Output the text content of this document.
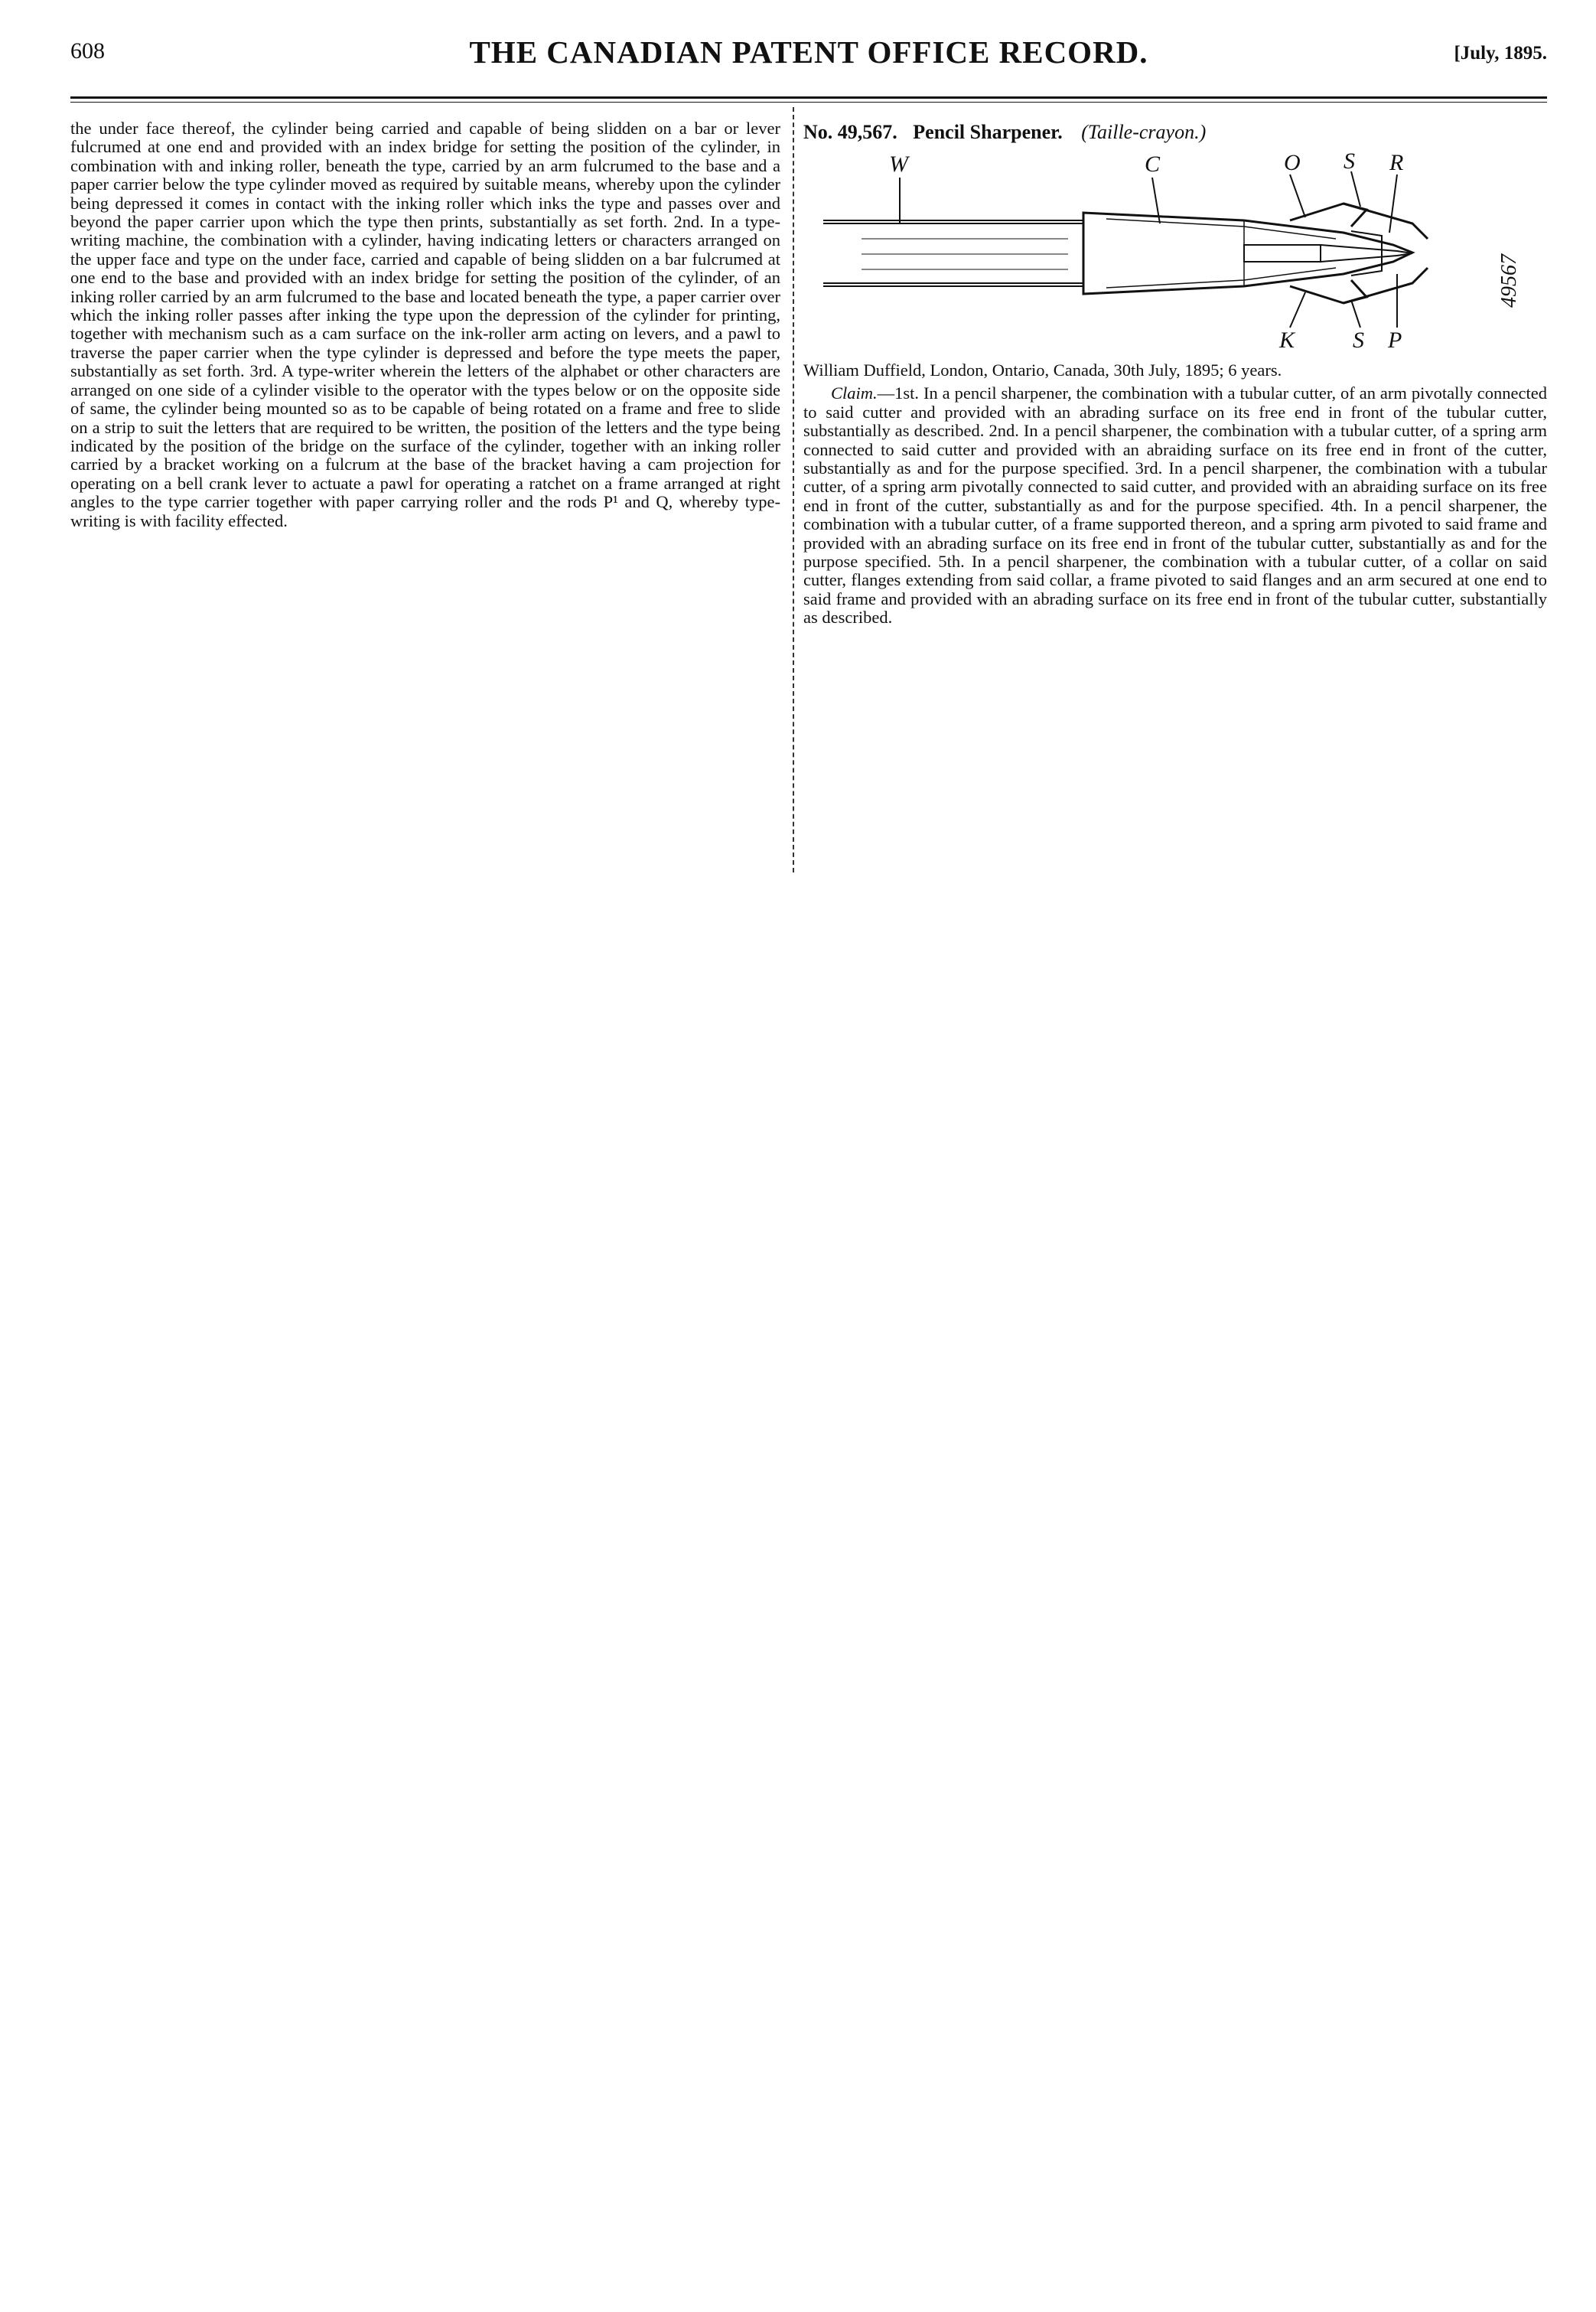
608	THE CANADIAN PATENT OFFICE RECORD.	[July, 1895.
the under face thereof, the cylinder being carried and capable of being slidden on a bar or lever fulcrumed at one end and provided with an index bridge for setting the position of the cylinder, in combination with and inking roller, beneath the type, carried by an arm fulcrumed to the base and a paper carrier below the type cylinder moved as required by suitable means, whereby upon the cylinder being depressed it comes in contact with the inking roller which inks the type and passes over and beyond the paper carrier upon which the type then prints, substantially as set forth. 2nd. In a type-writing machine, the combination with a cylinder, having indicating letters or characters arranged on the upper face and type on the under face, carried and capable of being slidden on a bar fulcrumed at one end to the base and provided with an index bridge for setting the position of the cylinder, of an inking roller carried by an arm fulcrumed to the base and located beneath the type, a paper carrier over which the inking roller passes after inking the type upon the depression of the cylinder for printing, together with mechanism such as a cam surface on the ink-roller arm acting on levers, and a pawl to traverse the paper carrier when the type cylinder is depressed and before the type meets the paper, substantially as set forth. 3rd. A type-writer wherein the letters of the alphabet or other characters are arranged on one side of a cylinder visible to the operator with the types below or on the opposite side of same, the cylinder being mounted so as to be capable of being rotated on a frame and free to slide on a strip to suit the letters that are required to be written, the position of the letters and the type being indicated by the position of the bridge on the surface of the cylinder, together with an inking roller carried by a bracket working on a fulcrum at the base of the bracket having a cam projection for operating on a bell crank lever to actuate a pawl for operating a ratchet on a frame arranged at right angles to the type carrier together with paper carrying roller and the rods P¹ and Q, whereby type-writing is with facility effected.
No. 49,567. Pencil Sharpener. (Taille-crayon.)
W	C	O S R
K	S P
49567
William Duffield, London, Ontario, Canada, 30th July, 1895; 6 years.
Claim.—1st. In a pencil sharpener, the combination with a tubular cutter, of an arm pivotally connected to said cutter and provided with an abrading surface on its free end in front of the tubular cutter, substantially as described. 2nd. In a pencil sharpener, the combination with a tubular cutter, of a spring arm connected to said cutter and provided with an abraiding surface on its free end in front of the cutter, substantially as and for the purpose specified. 3rd. In a pencil sharpener, the combination with a tubular cutter, of a spring arm pivotally connected to said cutter, and provided with an abraiding surface on its free end in front of the cutter, substantially as and for the purpose specified. 4th. In a pencil sharpener, the combination with a tubular cutter, of a frame supported thereon, and a spring arm pivoted to said frame and provided with an abrading surface on its free end in front of the tubular cutter, substantially as and for the purpose specified. 5th. In a pencil sharpener, the combination with a tubular cutter, of a collar on said cutter, flanges extending from said collar, a frame pivoted to said flanges and an arm secured at one end to said frame and provided with an abrading surface on its free end in front of the tubular cutter, substantially as described.
